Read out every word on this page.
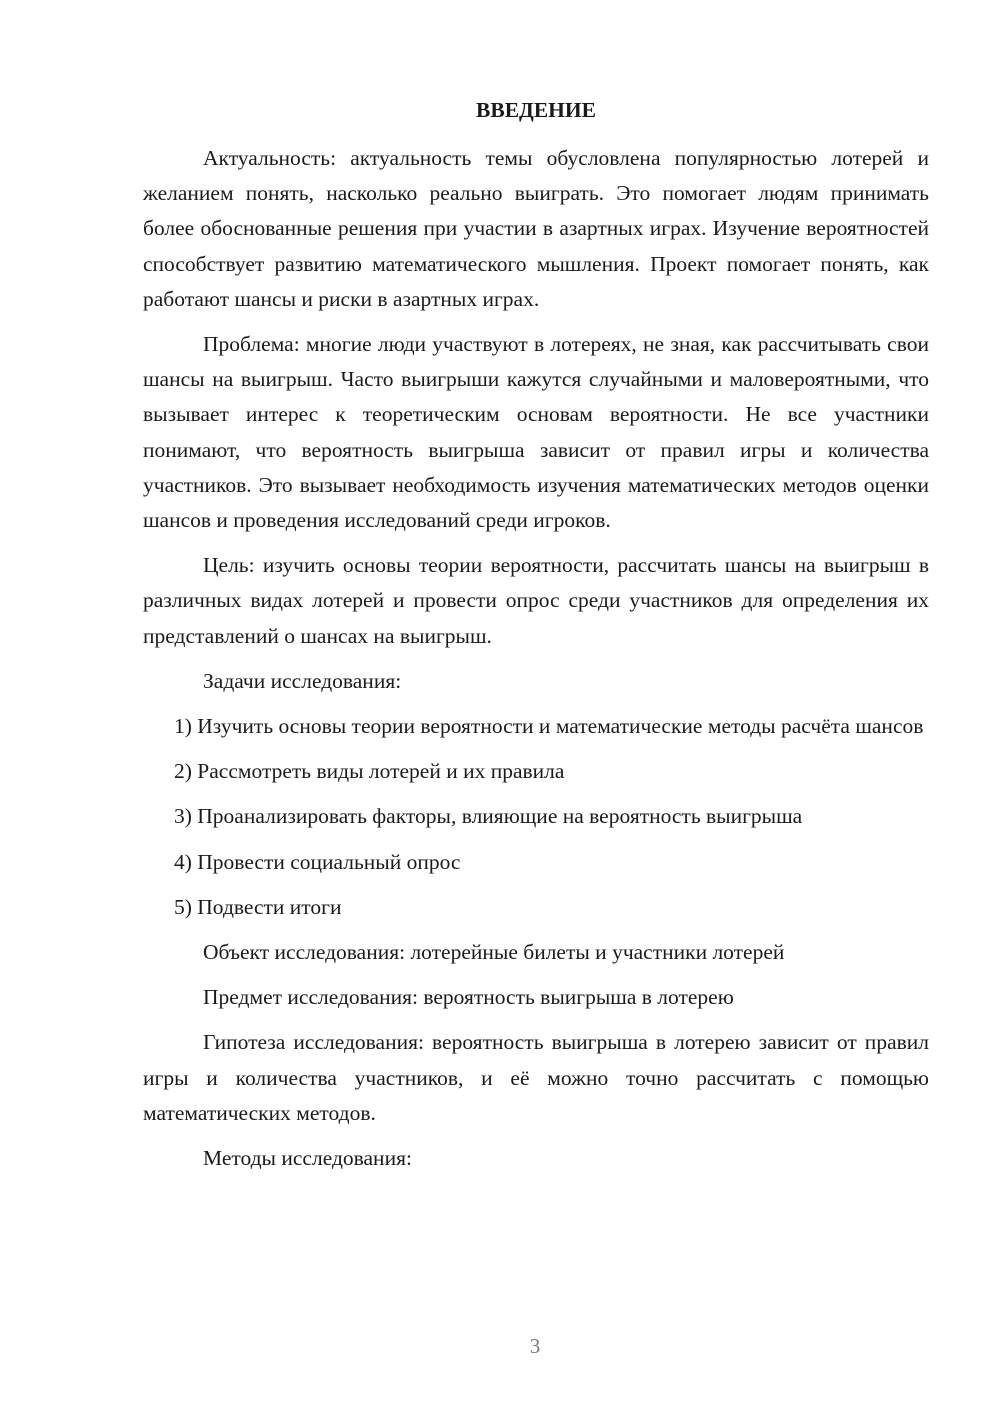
ВВЕДЕНИЕ

Актуальность: актуальность темы обусловлена популярностью лотерей и желанием понять, насколько реально выиграть. Это помогает людям принимать более обоснованные решения при участии в азартных играх. Изучение вероятностей способствует развитию математического мышления. Проект помогает понять, как работают шансы и риски в азартных играх.

Проблема: многие люди участвуют в лотереях, не зная, как рассчитывать свои шансы на выигрыш. Часто выигрыши кажутся случайными и маловероятными, что вызывает интерес к теоретическим основам вероятности. Не все участники понимают, что вероятность выигрыша зависит от правил игры и количества участников. Это вызывает необходимость изучения математических методов оценки шансов и проведения исследований среди игроков.

Цель: изучить основы теории вероятности, рассчитать шансы на выигрыш в различных видах лотерей и провести опрос среди участников для определения их представлений о шансах на выигрыш.

Задачи исследования:

1) Изучить основы теории вероятности и математические методы расчёта шансов

2) Рассмотреть виды лотерей и их правила

3) Проанализировать факторы, влияющие на вероятность выигрыша

4) Провести социальный опрос

5) Подвести итоги

Объект исследования: лотерейные билеты и участники лотерей

Предмет исследования: вероятность выигрыша в лотерею

Гипотеза исследования: вероятность выигрыша в лотерею зависит от правил игры и количества участников, и её можно точно рассчитать с помощью математических методов.

Методы исследования:

3
